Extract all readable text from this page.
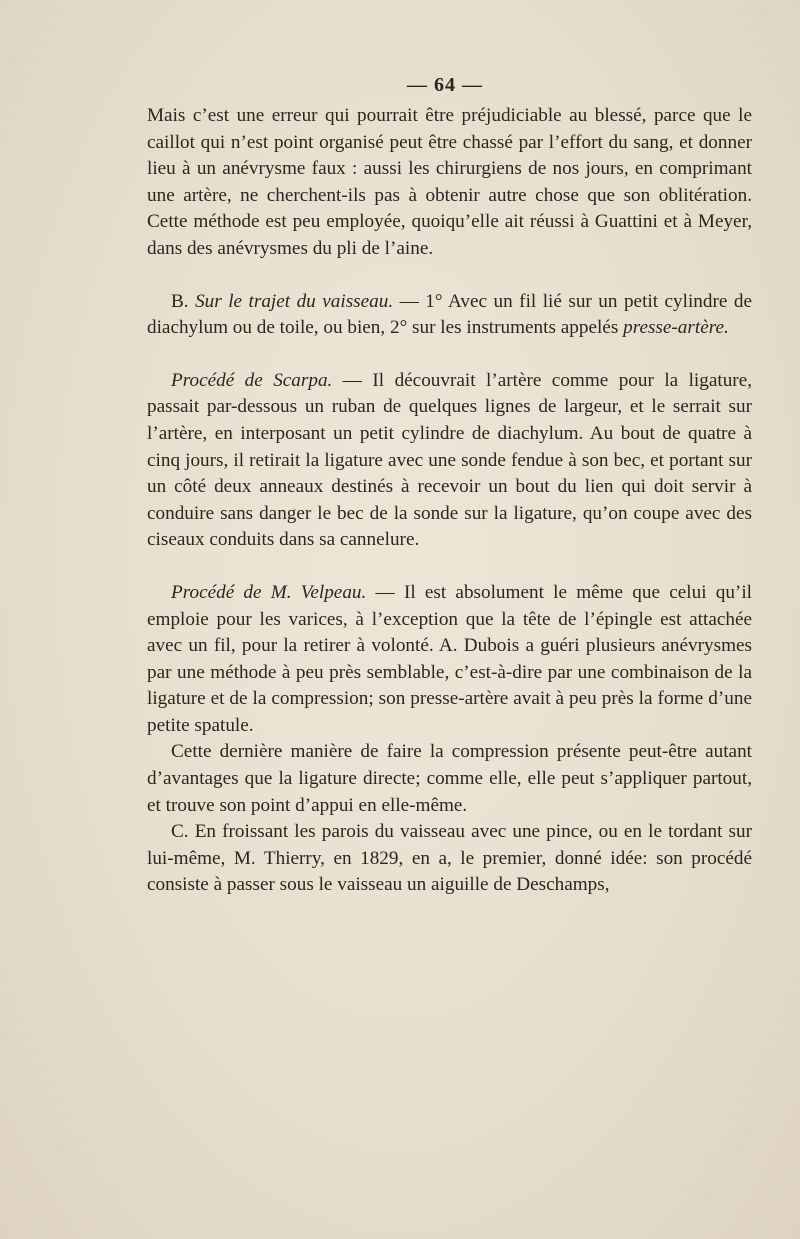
— 64 —

Mais c’est une erreur qui pourrait être préjudiciable au blessé, parce que le caillot qui n’est point organisé peut être chassé par l’effort du sang, et donner lieu à un anévrysme faux : aussi les chirurgiens de nos jours, en comprimant une artère, ne cherchent-ils pas à obtenir autre chose que son oblitération. Cette méthode est peu employée, quoiqu’elle ait réussi à Guattini et à Meyer, dans des anévrysmes du pli de l’aine.

B. Sur le trajet du vaisseau. — 1° Avec un fil lié sur un petit cylindre de diachylum ou de toile, ou bien, 2° sur les instruments appelés presse-artère.

Procédé de Scarpa. — Il découvrait l’artère comme pour la ligature, passait par-dessous un ruban de quelques lignes de largeur, et le serrait sur l’artère, en interposant un petit cylindre de diachylum. Au bout de quatre à cinq jours, il retirait la ligature avec une sonde fendue à son bec, et portant sur un côté deux anneaux destinés à recevoir un bout du lien qui doit servir à conduire sans danger le bec de la sonde sur la ligature, qu’on coupe avec des ciseaux conduits dans sa cannelure.

Procédé de M. Velpeau. — Il est absolument le même que celui qu’il emploie pour les varices, à l’exception que la tête de l’épingle est attachée avec un fil, pour la retirer à volonté. A. Dubois a guéri plusieurs anévrysmes par une méthode à peu près semblable, c’est-à-dire par une combinaison de la ligature et de la compression; son presse-artère avait à peu près la forme d’une petite spatule.

Cette dernière manière de faire la compression présente peut-être autant d’avantages que la ligature directe; comme elle, elle peut s’appliquer partout, et trouve son point d’appui en elle-même.

C. En froissant les parois du vaisseau avec une pince, ou en le tordant sur lui-même, M. Thierry, en 1829, en a, le premier, donné idée: son procédé consiste à passer sous le vaisseau un aiguille de Deschamps,
